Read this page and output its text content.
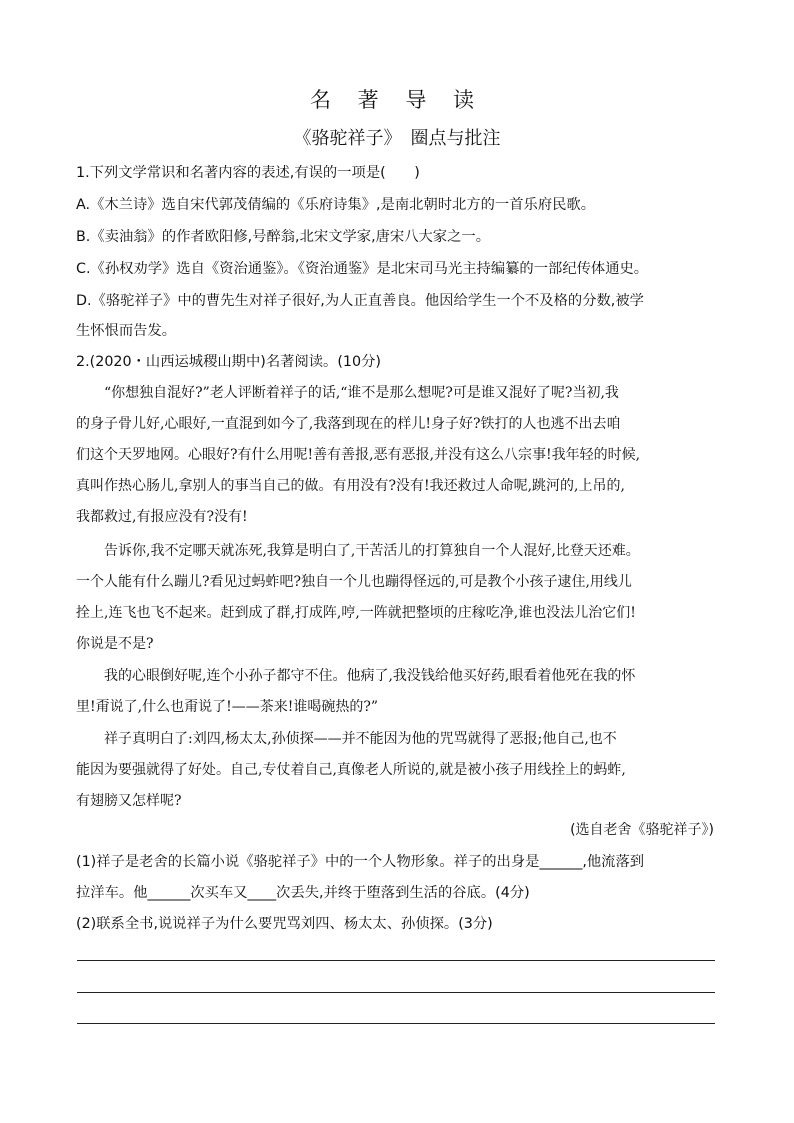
名 著 导 读
《骆驼祥子》　圈点与批注
1.下列文学常识和名著内容的表述,有误的一项是(　　)
A.《木兰诗》选自宋代郭茂倩编的《乐府诗集》,是南北朝时北方的一首乐府民歌。
B.《卖油翁》的作者欧阳修,号醉翁,北宋文学家,唐宋八大家之一。
C.《孙权劝学》选自《资治通鉴》。《资治通鉴》是北宋司马光主持编纂的一部纪传体通史。
D.《骆驼祥子》中的曹先生对祥子很好,为人正直善良。他因给学生一个不及格的分数,被学
生怀恨而告发。
2.(2020・山西运城稷山期中)名著阅读。(10分)
“你想独自混好?”老人评断着祥子的话,“谁不是那么想呢?可是谁又混好了呢?当初,我
的身子骨儿好,心眼好,一直混到如今了,我落到现在的样儿!身子好?铁打的人也逃不出去咱
们这个天罗地网。心眼好?有什么用呢!善有善报,恶有恶报,并没有这么八宗事!我年轻的时候,
真叫作热心肠儿,拿别人的事当自己的做。有用没有?没有!我还救过人命呢,跳河的,上吊的,
我都救过,有报应没有?没有!
告诉你,我不定哪天就冻死,我算是明白了,干苦活儿的打算独自一个人混好,比登天还难。
一个人能有什么蹦儿?看见过蚂蚱吧?独自一个儿也蹦得怪远的,可是教个小孩子逮住,用线儿
拴上,连飞也飞不起来。赶到成了群,打成阵,哼,一阵就把整顷的庄稼吃净,谁也没法儿治它们!
你说是不是?
我的心眼倒好呢,连个小孙子都守不住。他病了,我没钱给他买好药,眼看着他死在我的怀
里!甭说了,什么也甭说了!——茶来!谁喝碗热的?”
祥子真明白了:刘四,杨太太,孙侦探——并不能因为他的咒骂就得了恶报;他自己,也不
能因为要强就得了好处。自己,专仗着自己,真像老人所说的,就是被小孩子用线拴上的蚂蚱,
有翅膀又怎样呢?
(选自老舍《骆驼祥子》)
(1)祥子是老舍的长篇小说《骆驼祥子》中的一个人物形象。祥子的出身是______,他流落到
拉洋车。他______次买车又____次丢失,并终于堕落到生活的谷底。(4分)
(2)联系全书,说说祥子为什么要咒骂刘四、杨太太、孙侦探。(3分)
